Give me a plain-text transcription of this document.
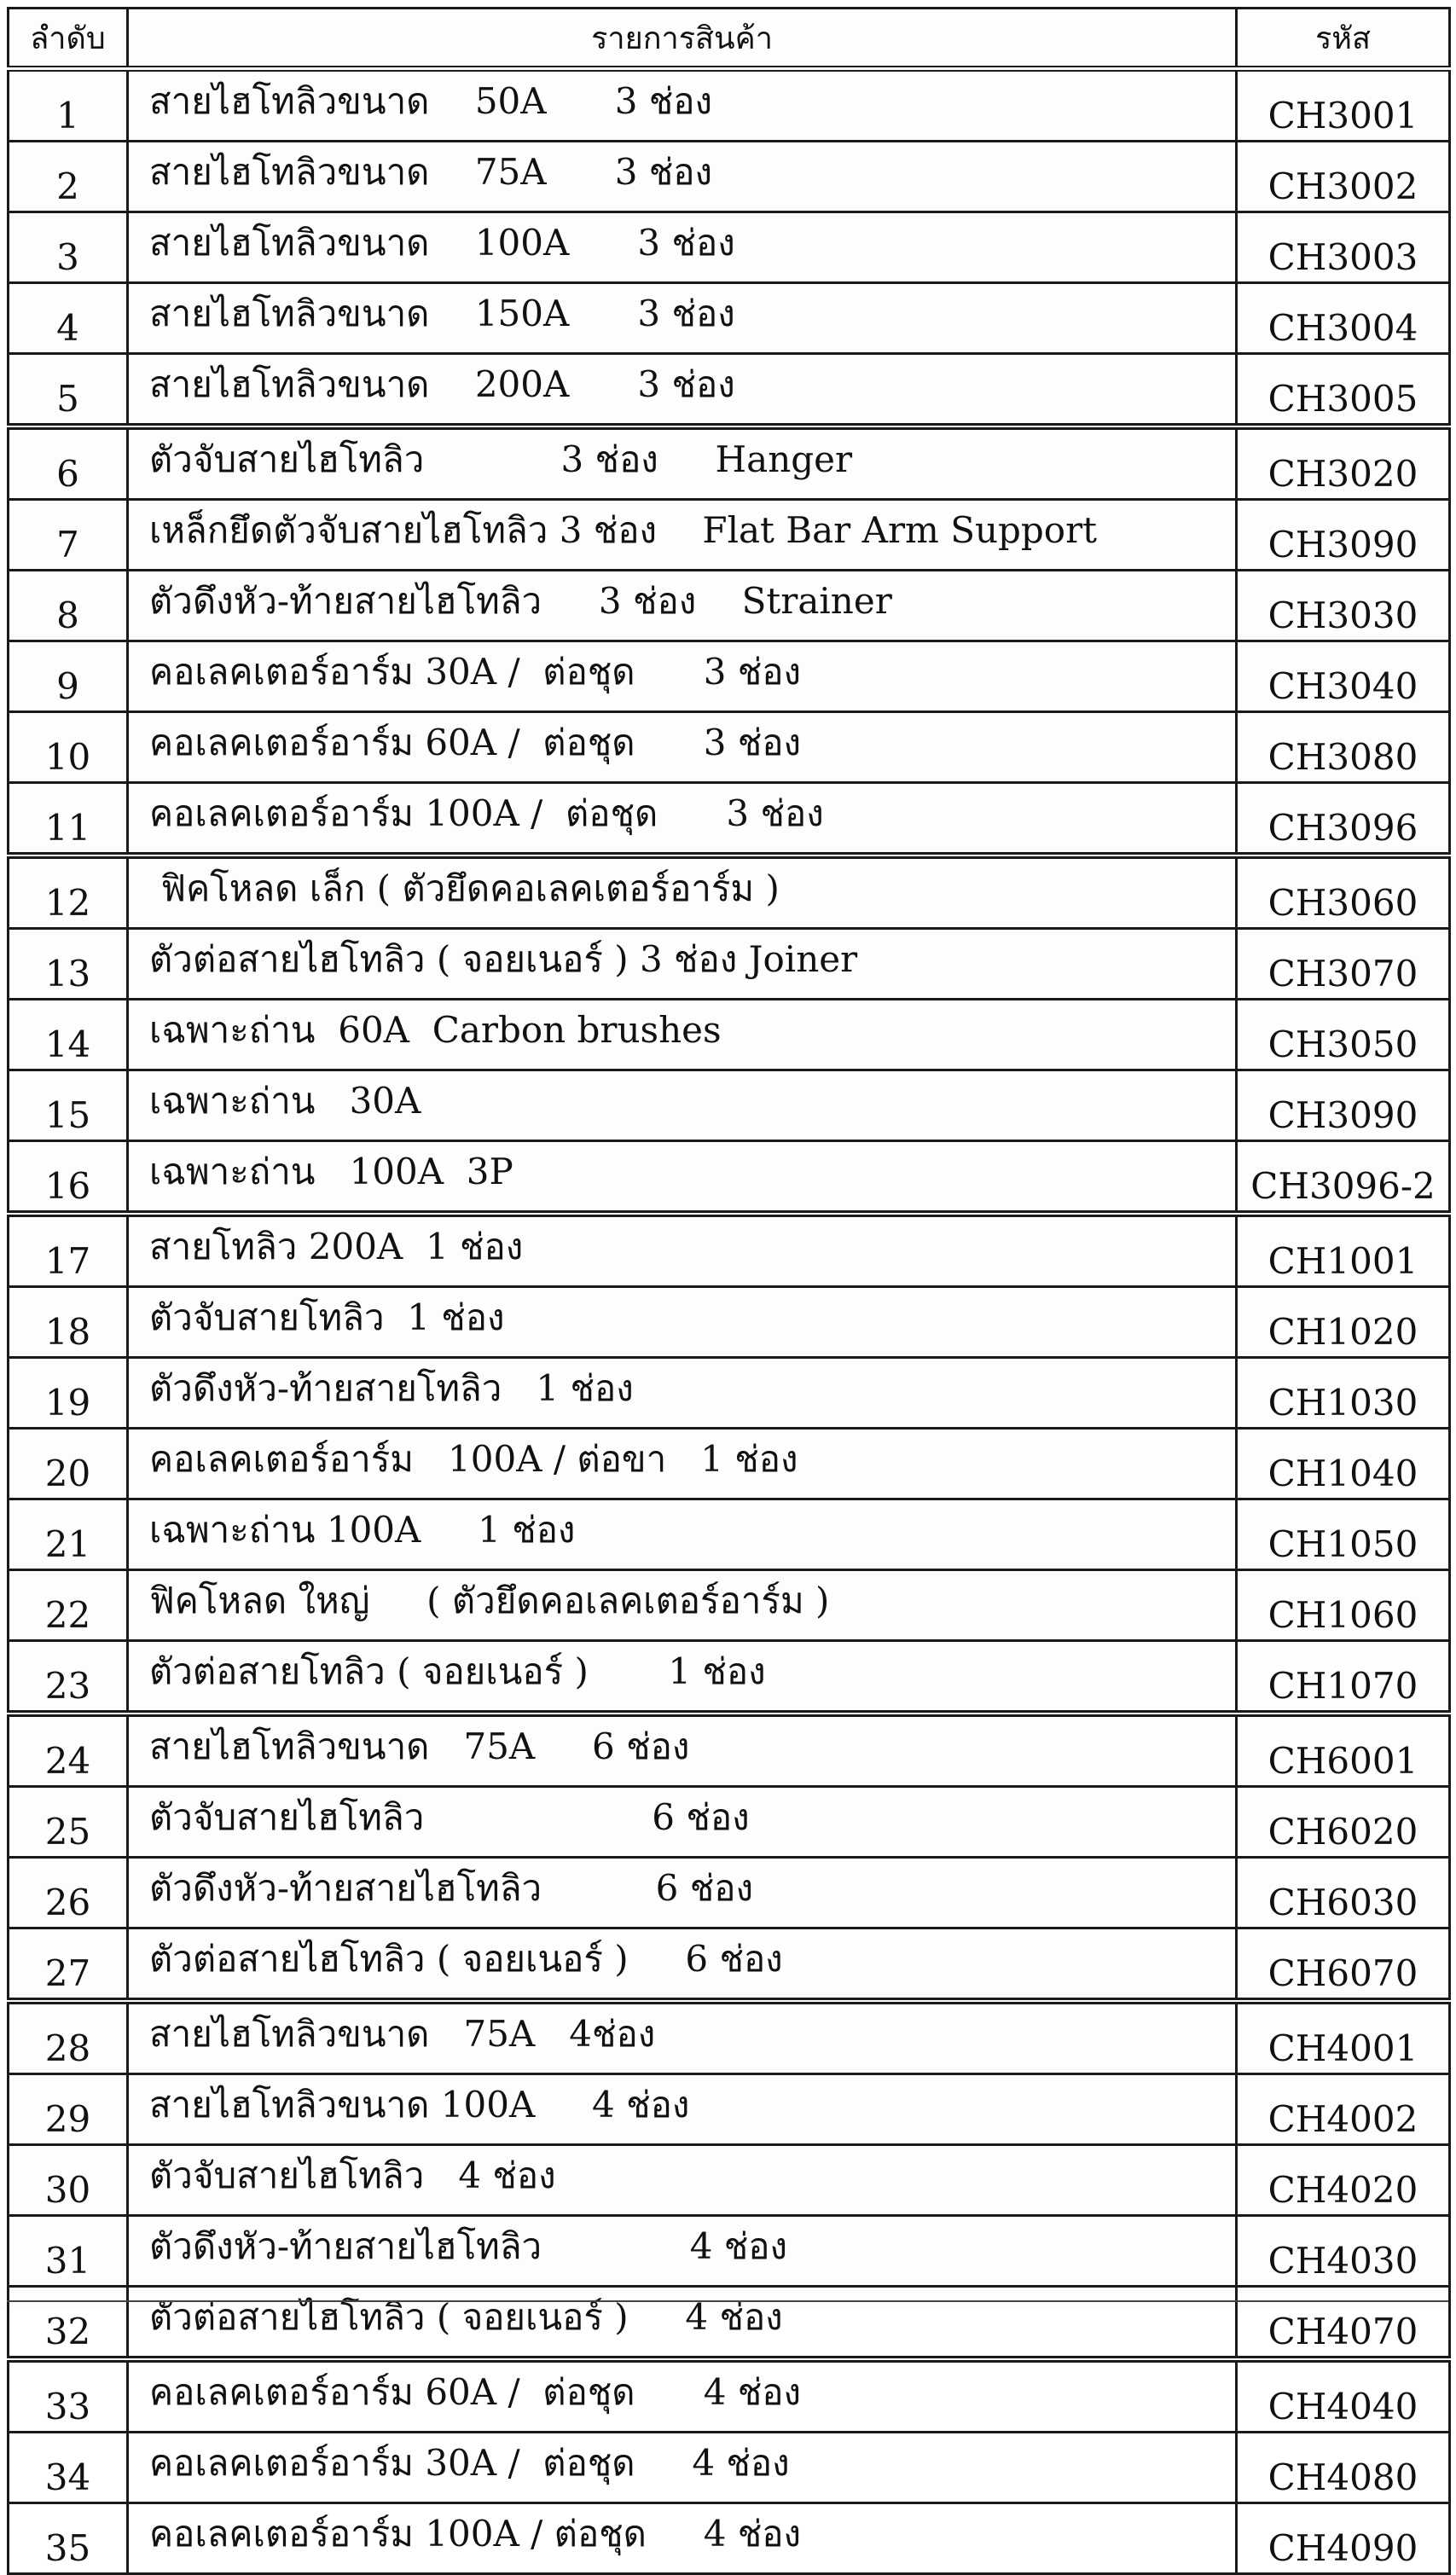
ลำดับ	รายการสินค้า	รหัส
1	สายไฮโทลิวขนาด    50A      3 ช่อง	CH3001
2	สายไฮโทลิวขนาด    75A      3 ช่อง	CH3002
3	สายไฮโทลิวขนาด    100A      3 ช่อง	CH3003
4	สายไฮโทลิวขนาด    150A      3 ช่อง	CH3004
5	สายไฮโทลิวขนาด    200A      3 ช่อง	CH3005
6	ตัวจับสายไฮโทลิว            3 ช่อง     Hanger	CH3020
7	เหล็กยึดตัวจับสายไฮโทลิว 3 ช่อง    Flat Bar Arm Support	CH3090
8	ตัวดึงหัว-ท้ายสายไฮโทลิว     3 ช่อง    Strainer	CH3030
9	คอเลคเตอร์อาร์ม 30A /  ต่อชุด      3 ช่อง	CH3040
10	คอเลคเตอร์อาร์ม 60A /  ต่อชุด      3 ช่อง	CH3080
11	คอเลคเตอร์อาร์ม 100A /  ต่อชุด      3 ช่อง	CH3096
12	ฟิคโหลด เล็ก ( ตัวยึดคอเลคเตอร์อาร์ม )	CH3060
13	ตัวต่อสายไฮโทลิว ( จอยเนอร์ ) 3 ช่อง Joiner	CH3070
14	เฉพาะถ่าน  60A  Carbon brushes	CH3050
15	เฉพาะถ่าน   30A	CH3090
16	เฉพาะถ่าน   100A  3P	CH3096-2
17	สายโทลิว 200A  1 ช่อง	CH1001
18	ตัวจับสายโทลิว  1 ช่อง	CH1020
19	ตัวดึงหัว-ท้ายสายโทลิว   1 ช่อง	CH1030
20	คอเลคเตอร์อาร์ม   100A / ต่อขา   1 ช่อง	CH1040
21	เฉพาะถ่าน 100A     1 ช่อง	CH1050
22	ฟิคโหลด ใหญ่     ( ตัวยึดคอเลคเตอร์อาร์ม )	CH1060
23	ตัวต่อสายโทลิว ( จอยเนอร์ )       1 ช่อง	CH1070
24	สายไฮโทลิวขนาด   75A     6 ช่อง	CH6001
25	ตัวจับสายไฮโทลิว                    6 ช่อง	CH6020
26	ตัวดึงหัว-ท้ายสายไฮโทลิว          6 ช่อง	CH6030
27	ตัวต่อสายไฮโทลิว ( จอยเนอร์ )     6 ช่อง	CH6070
28	สายไฮโทลิวขนาด   75A   4ช่อง	CH4001
29	สายไฮโทลิวขนาด 100A     4 ช่อง	CH4002
30	ตัวจับสายไฮโทลิว   4 ช่อง	CH4020
31	ตัวดึงหัว-ท้ายสายไฮโทลิว             4 ช่อง	CH4030
32	ตัวต่อสายไฮโทลิว ( จอยเนอร์ )     4 ช่อง	CH4070
33	คอเลคเตอร์อาร์ม 60A /  ต่อชุด      4 ช่อง	CH4040
34	คอเลคเตอร์อาร์ม 30A /  ต่อชุด     4 ช่อง	CH4080
35	คอเลคเตอร์อาร์ม 100A / ต่อชุด     4 ช่อง	CH4090
